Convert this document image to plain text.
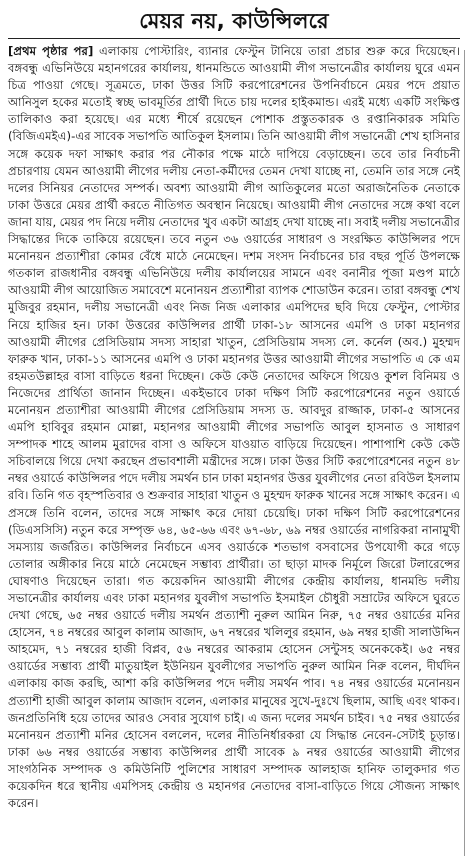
মেয়র নয়, কাউন্সিলরে
[প্রথম পৃষ্ঠার পর] এলাকায় পোস্টারিং, ব্যানার ফেস্টুন টানিয়ে তারা প্রচার শুরু করে দিয়েছেন। বঙ্গবন্ধু এভিনিউয়ে মহানগরের কার্যালয়, ধানমন্ডিতে আওয়ামী লীগ সভানেত্রীর কার্যালয় ঘুরে এমন চিত্র পাওয়া গেছে। সূত্রমতে, ঢাকা উত্তর সিটি করপোরেশনের উপনির্বাচনে মেয়র পদে প্রয়াত আনিসুল হকের মতোই স্বচ্ছ ভাবমূর্তির প্রার্থী দিতে চায় দলের হাইকমান্ড। এরই মধ্যে একটি সংক্ষিপ্ত তালিকাও করা হয়েছে। এর মধ্যে শীর্ষে রয়েছেন পোশাক প্রস্তুতকারক ও রপ্তানিকারক সমিতি (বিজিএমইএ)-এর সাবেক সভাপতি আতিকুল ইসলাম। তিনি আওয়ামী লীগ সভানেত্রী শেখ হাসিনার সঙ্গে কয়েক দফা সাক্ষাৎ করার পর নৌকার পক্ষে মাঠে দাপিয়ে বেড়াচ্ছেন। তবে তার নির্বাচনী প্রচারণায় যেমন আওয়ামী লীগের দলীয় নেতা-কর্মীদের তেমন দেখা যাচ্ছে না, তেমনি তার সঙ্গে নেই দলের সিনিয়র নেতাদের সম্পর্ক। অবশ্য আওয়ামী লীগ আতিকুলের মতো অরাজনৈতিক নেতাকে ঢাকা উত্তরে মেয়র প্রার্থী করতে নীতিগত অবস্থান নিয়েছে। আওয়ামী লীগ নেতাদের সঙ্গে কথা বলে জানা যায়, মেয়র পদ নিয়ে দলীয় নেতাদের খুব একটা আগ্রহ দেখা যাচ্ছে না। সবাই দলীয় সভানেত্রীর সিদ্ধান্তের দিকে তাকিয়ে রয়েছেন। তবে নতুন ৩৬ ওয়ার্ডের সাধারণ ও সংরক্ষিত কাউন্সিলর পদে মনোনয়ন প্রত্যাশীরা কোমর বেঁধে মাঠে নেমেছেন। দশম সংসদ নির্বাচনের চার বছর পূর্তি উপলক্ষে গতকাল রাজধানীর বঙ্গবন্ধু এভিনিউয়ে দলীয় কার্যালয়ের সামনে এবং বনানীর পূজা মণ্ডপ মাঠে আওয়ামী লীগ আয়োজিত সমাবেশে মনোনয়ন প্রত্যাশীরা ব্যাপক শোডাউন করেন। তারা বঙ্গবন্ধু শেখ মুজিবুর রহমান, দলীয় সভানেত্রী এবং নিজ নিজ এলাকার এমপিদের ছবি দিয়ে ফেস্টুন, পোস্টার নিয়ে হাজির হন। ঢাকা উত্তরের কাউন্সিলর প্রার্থী ঢাকা-১৮ আসনের এমপি ও ঢাকা মহানগর আওয়ামী লীগের প্রেসিডিয়াম সদস্য সাহারা খাতুন, প্রেসিডিয়াম সদস্য লে. কর্নেল (অব.) মুহম্মদ ফারুক খান, ঢাকা-১১ আসনের এমপি ও ঢাকা মহানগর উত্তর আওয়ামী লীগের সভাপতি এ কে এম রহমতউল্লাহর বাসা বাড়িতে ধরনা দিচ্ছেন। কেউ কেউ নেতাদের অফিসে গিয়েও কুশল বিনিময় ও নিজেদের প্রার্থিতা জানান দিচ্ছেন। একইভাবে ঢাকা দক্ষিণ সিটি করপোরেশনের নতুন ওয়ার্ডে মনোনয়ন প্রত্যাশীরা আওয়ামী লীগের প্রেসিডিয়াম সদস্য ড. আবদুর রাজ্জাক, ঢাকা-৫ আসনের এমপি হাবিবুর রহমান মোল্লা, মহানগর আওয়ামী লীগের সভাপতি আবুল হাসনাত ও সাধারণ সম্পাদক শাহে আলম মুরাদের বাসা ও অফিসে যাওয়াত বাড়িয়ে দিয়েছেন। পাশাপাশি কেউ কেউ সচিবালয়ে গিয়ে দেখা করছেন প্রভাবশালী মন্ত্রীদের সঙ্গে। ঢাকা উত্তর সিটি করপোরেশনের নতুন ৪৮ নম্বর ওয়ার্ডে কাউন্সিলর পদে দলীয় সমর্থন চান ঢাকা মহানগর উত্তর যুবলীগের নেতা রবিউল ইসলাম রবি। তিনি গত বৃহস্পতিবার ও শুক্রবার সাহারা খাতুন ও মুহম্মদ ফারুক খানের সঙ্গে সাক্ষাৎ করেন। এ প্রসঙ্গে তিনি বলেন, তাদের সঙ্গে সাক্ষাৎ করে দোয়া চেয়েছি। ঢাকা দক্ষিণ সিটি করপোরেশনের (ডিএসসিসি) নতুন করে সম্পৃক্ত ৬৪, ৬৫-৬৬ এবং ৬৭-৬৮, ৬৯ নম্বর ওয়ার্ডের নাগরিকরা নানামুখী সমস্যায় জর্জরিত। কাউন্সিলর নির্বাচনে এসব ওয়ার্ডকে শতভাগ বসবাসের উপযোগী করে গড়ে তোলার অঙ্গীকার নিয়ে মাঠে নেমেছেন সম্ভাব্য প্রার্থীরা। তা ছাড়া মাদক নির্মূলে জিরো টলারেন্সের ঘোষণাও দিয়েছেন তারা। গত কয়েকদিন আওয়ামী লীগের কেন্দ্রীয় কার্যালয়, ধানমন্ডি দলীয় সভানেত্রীর কার্যালয় এবং ঢাকা মহানগর যুবলীগ সভাপতি ইসমাইল চৌধুরী সম্রাটের অফিসে ঘুরতে দেখা গেছে, ৬৫ নম্বর ওয়ার্ডে দলীয় সমর্থন প্রত্যাশী নুরুল আমিন নিরু, ৭৫ নম্বর ওয়ার্ডের মনির হোসেন, ৭৪ নম্বরের আবুল কালাম আজাদ, ৬৭ নম্বরের খলিলুর রহমান, ৬৯ নম্বর হাজী সালাউদ্দিন আহমেদ, ৭১ নম্বরের হাজী বিপ্লব, ৫৬ নম্বরের আকরাম হোসেন সেন্টুসহ অনেককেই। ৬৫ নম্বর ওয়ার্ডের সম্ভাব্য প্রার্থী মাতুয়াইল ইউনিয়ন যুবলীগের সভাপতি নুরুল আমিন নিরু বলেন, দীর্ঘদিন এলাকায় কাজ করছি, আশা করি কাউন্সিলর পদে দলীয় সমর্থন পাব। ৭৪ নম্বর ওয়ার্ডের মনোনয়ন প্রত্যাশী হাজী আবুল কালাম আজাদ বলেন, এলাকার মানুষের সুখে-দুঃখে ছিলাম, আছি এবং থাকব। জনপ্রতিনিধি হয়ে তাদের আরও সেবার সুযোগ চাই। এ জন্য দলের সমর্থন চাইব। ৭৫ নম্বর ওয়ার্ডের মনোনয়ন প্রত্যাশী মনির হোসেন বললেন, দলের নীতিনির্ধারকরা যে সিদ্ধান্ত নেবেন-সেটাই চূড়ান্ত। ঢাকা ৬৬ নম্বর ওয়ার্ডের সম্ভাব্য কাউন্সিলর প্রার্থী সাবেক ৯ নম্বর ওয়ার্ডের আওয়ামী লীগের সাংগঠনিক সম্পাদক ও কমিউনিটি পুলিশের সাধারণ সম্পাদক আলহাজ হানিফ তালুকদার গত কয়েকদিন ধরে স্থানীয় এমপিসহ কেন্দ্রীয় ও মহানগর নেতাদের বাসা-বাড়িতে গিয়ে সৌজন্য সাক্ষাৎ করেন।
